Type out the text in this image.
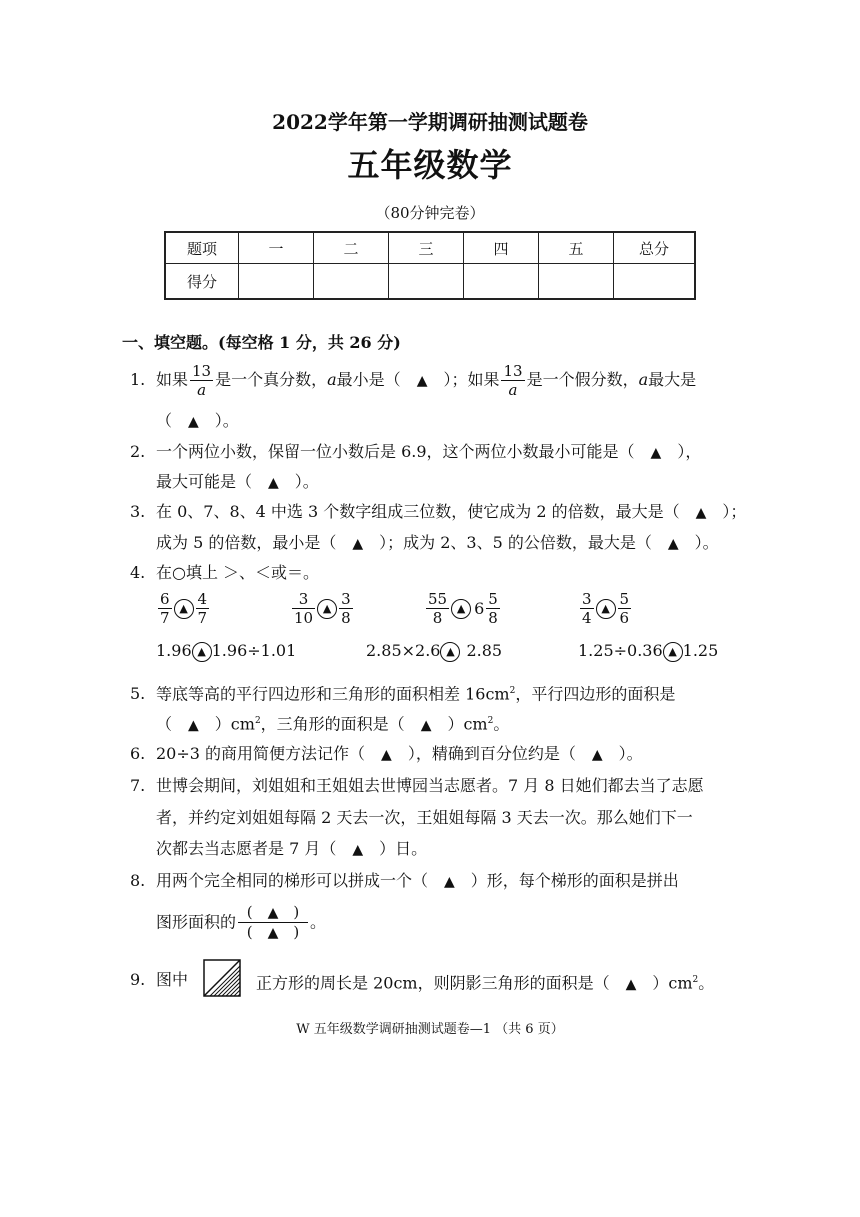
2022学年第一学期调研抽测试题卷
五年级数学
（80分钟完卷）
题项	一	二	三	四	五	总分
得分						
一、填空题。(每空格 1 分，共 26 分)
1. 如果 $\frac{13}{a}$ 是一个真分数，a最小是（　▲　）；如果 $\frac{13}{a}$ 是一个假分数，a最大是
（　▲　）。
2. 一个两位小数，保留一位小数后是 6.9，这个两位小数最小可能是（　▲　），
最大可能是（　▲　）。
3. 在 0、7、8、4 中选 3 个数字组成三位数，使它成为 2 的倍数，最大是（　▲　）；
成为 5 的倍数，最小是（　▲　）；成为 2、3、5 的公倍数，最大是（　▲　）。
4. 在○填上 ＞、＜或＝。
$\frac{6}{7}$ ▲ $\frac{4}{7}$	$\frac{3}{10}$ ▲ $\frac{3}{8}$	$\frac{55}{8}$ ▲ $6 \frac{5}{8}$	$\frac{3}{4}$ ▲ $\frac{5}{6}$
1.96 ▲ 1.96÷1.01	2.85×2.6 ▲ 2.85	1.25÷0.36 ▲ 1.25
5. 等底等高的平行四边形和三角形的面积相差 $16cm^2$，平行四边形的面积是
（　▲　）$cm^2$，三角形的面积是（　▲　）$cm^2$。
6. 20÷3 的商用简便方法记作（　▲　），精确到百分位约是（　▲　）。
7. 世博会期间，刘姐姐和王姐姐去世博园当志愿者。7 月 8 日她们都去当了志愿
者，并约定刘姐姐每隔 2 天去一次，王姐姐每隔 3 天去一次。那么她们下一
次都去当志愿者是 7 月（　▲　）日。
8. 用两个完全相同的梯形可以拼成一个（　▲　）形，每个梯形的面积是拼出
图形面积的 $\frac{( ▲ )}{( ▲ )}$ 。
9. 图中	正方形的周长是 20cm，则阴影三角形的面积是（　▲　）$cm^2$。
W 五年级数学调研抽测试题卷—1 （共 6 页）
